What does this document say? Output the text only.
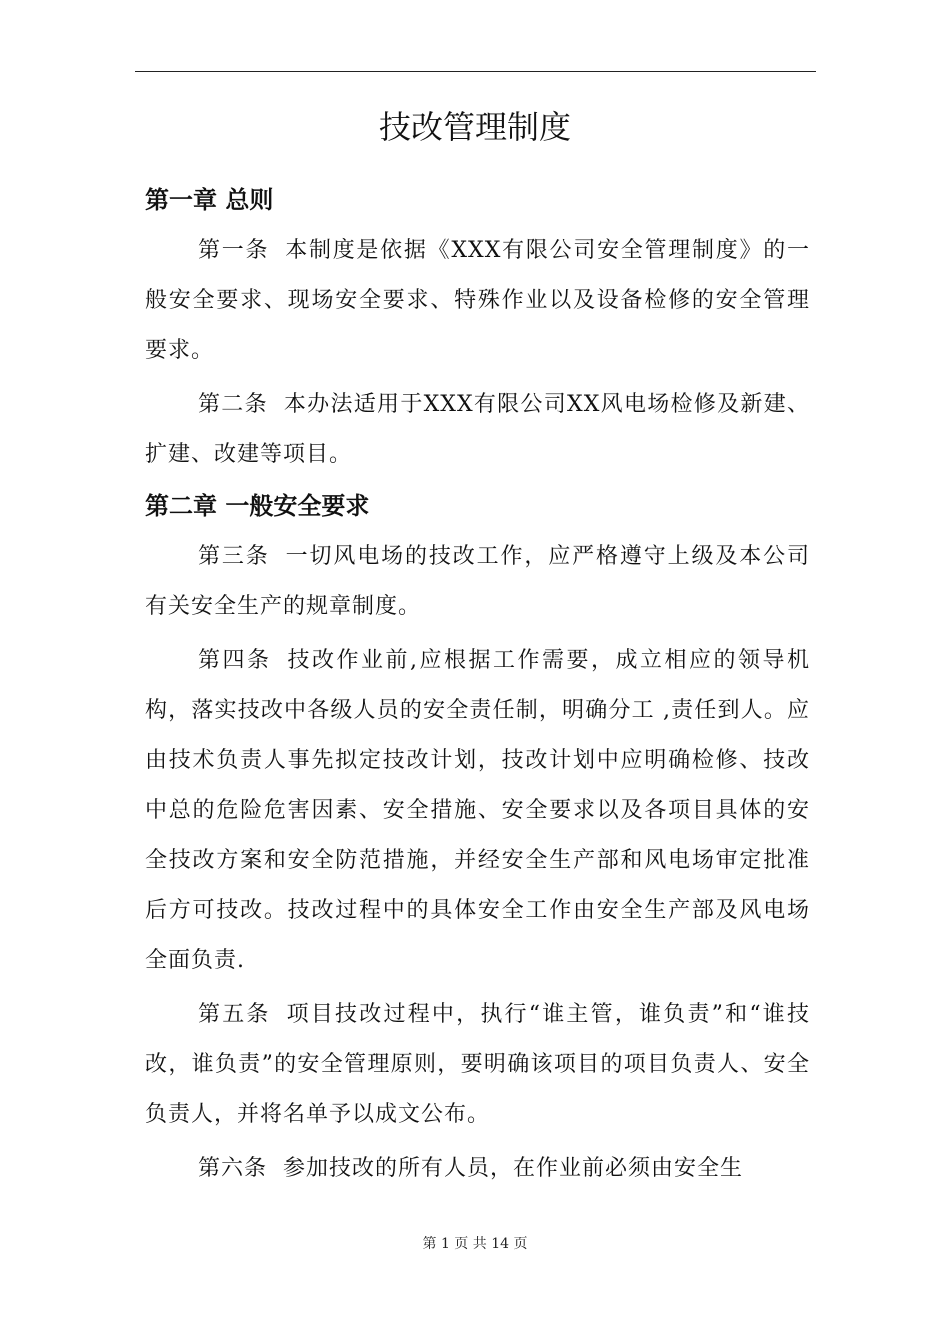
技改管理制度
第一章 总则

第一条 本制度是依据《XXX有限公司安全管理制度》的一般安全要求、现场安全要求、特殊作业以及设备检修的安全管理要求。

第二条 本办法适用于XXX有限公司XX风电场检修及新建、扩建、改建等项目。

第二章 一般安全要求

第三条 一切风电场的技改工作，应严格遵守上级及本公司有关安全生产的规章制度。

第四条 技改作业前,应根据工作需要，成立相应的领导机构，落实技改中各级人员的安全责任制，明确分工 ,责任到人。应由技术负责人事先拟定技改计划，技改计划中应明确检修、技改中总的危险危害因素、安全措施、安全要求以及各项目具体的安全技改方案和安全防范措施，并经安全生产部和风电场审定批准后方可技改。技改过程中的具体安全工作由安全生产部及风电场全面负责.

第五条 项目技改过程中，执行“谁主管，谁负责”和“谁技改，谁负责”的安全管理原则，要明确该项目的项目负责人、安全负责人，并将名单予以成文公布。

第六条 参加技改的所有人员，在作业前必须由安全生

第 1 页 共 14 页
